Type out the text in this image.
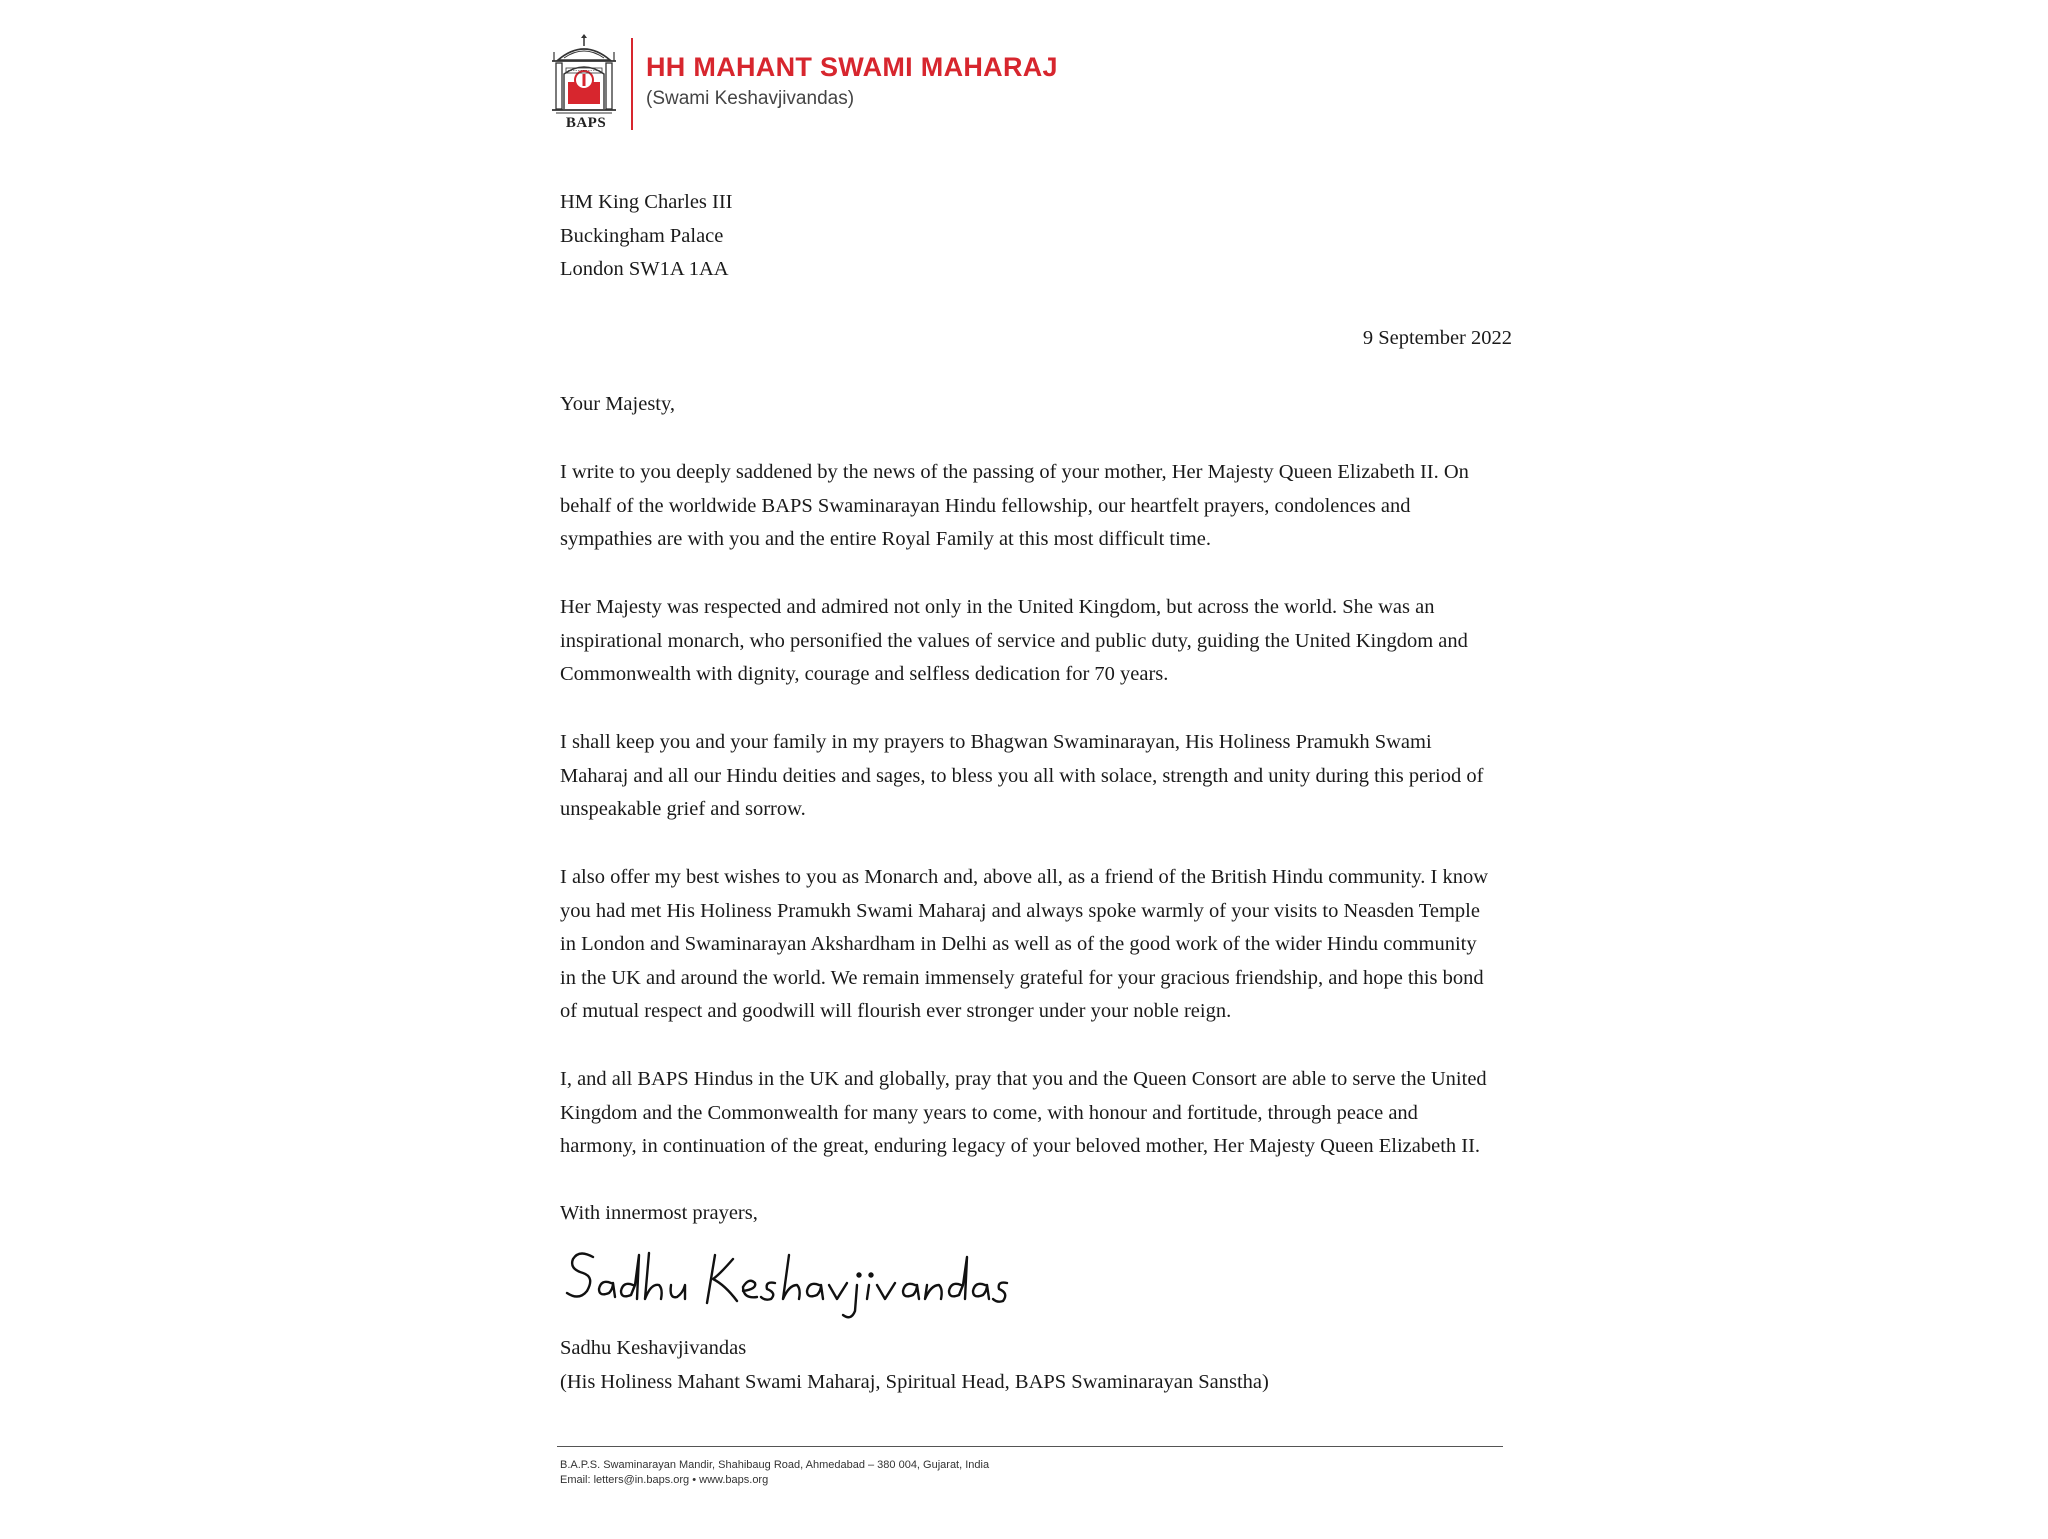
BAPS
HH MAHANT SWAMI MAHARAJ
(Swami Keshavjivandas)
HM King Charles III
Buckingham Palace
London SW1A 1AA
9 September 2022
Your Majesty,
I write to you deeply saddened by the news of the passing of your mother, Her Majesty Queen Elizabeth II. On
behalf of the worldwide BAPS Swaminarayan Hindu fellowship, our heartfelt prayers, condolences and
sympathies are with you and the entire Royal Family at this most difficult time.
Her Majesty was respected and admired not only in the United Kingdom, but across the world. She was an
inspirational monarch, who personified the values of service and public duty, guiding the United Kingdom and
Commonwealth with dignity, courage and selfless dedication for 70 years.
I shall keep you and your family in my prayers to Bhagwan Swaminarayan, His Holiness Pramukh Swami
Maharaj and all our Hindu deities and sages, to bless you all with solace, strength and unity during this period of
unspeakable grief and sorrow.
I also offer my best wishes to you as Monarch and, above all, as a friend of the British Hindu community. I know
you had met His Holiness Pramukh Swami Maharaj and always spoke warmly of your visits to Neasden Temple
in London and Swaminarayan Akshardham in Delhi as well as of the good work of the wider Hindu community
in the UK and around the world. We remain immensely grateful for your gracious friendship, and hope this bond
of mutual respect and goodwill will flourish ever stronger under your noble reign.
I, and all BAPS Hindus in the UK and globally, pray that you and the Queen Consort are able to serve the United
Kingdom and the Commonwealth for many years to come, with honour and fortitude, through peace and
harmony, in continuation of the great, enduring legacy of your beloved mother, Her Majesty Queen Elizabeth II.
With innermost prayers,
Sadhu Keshavjivandas
(His Holiness Mahant Swami Maharaj, Spiritual Head, BAPS Swaminarayan Sanstha)
B.A.P.S. Swaminarayan Mandir, Shahibaug Road, Ahmedabad – 380 004, Gujarat, India
Email: letters@in.baps.org • www.baps.org
